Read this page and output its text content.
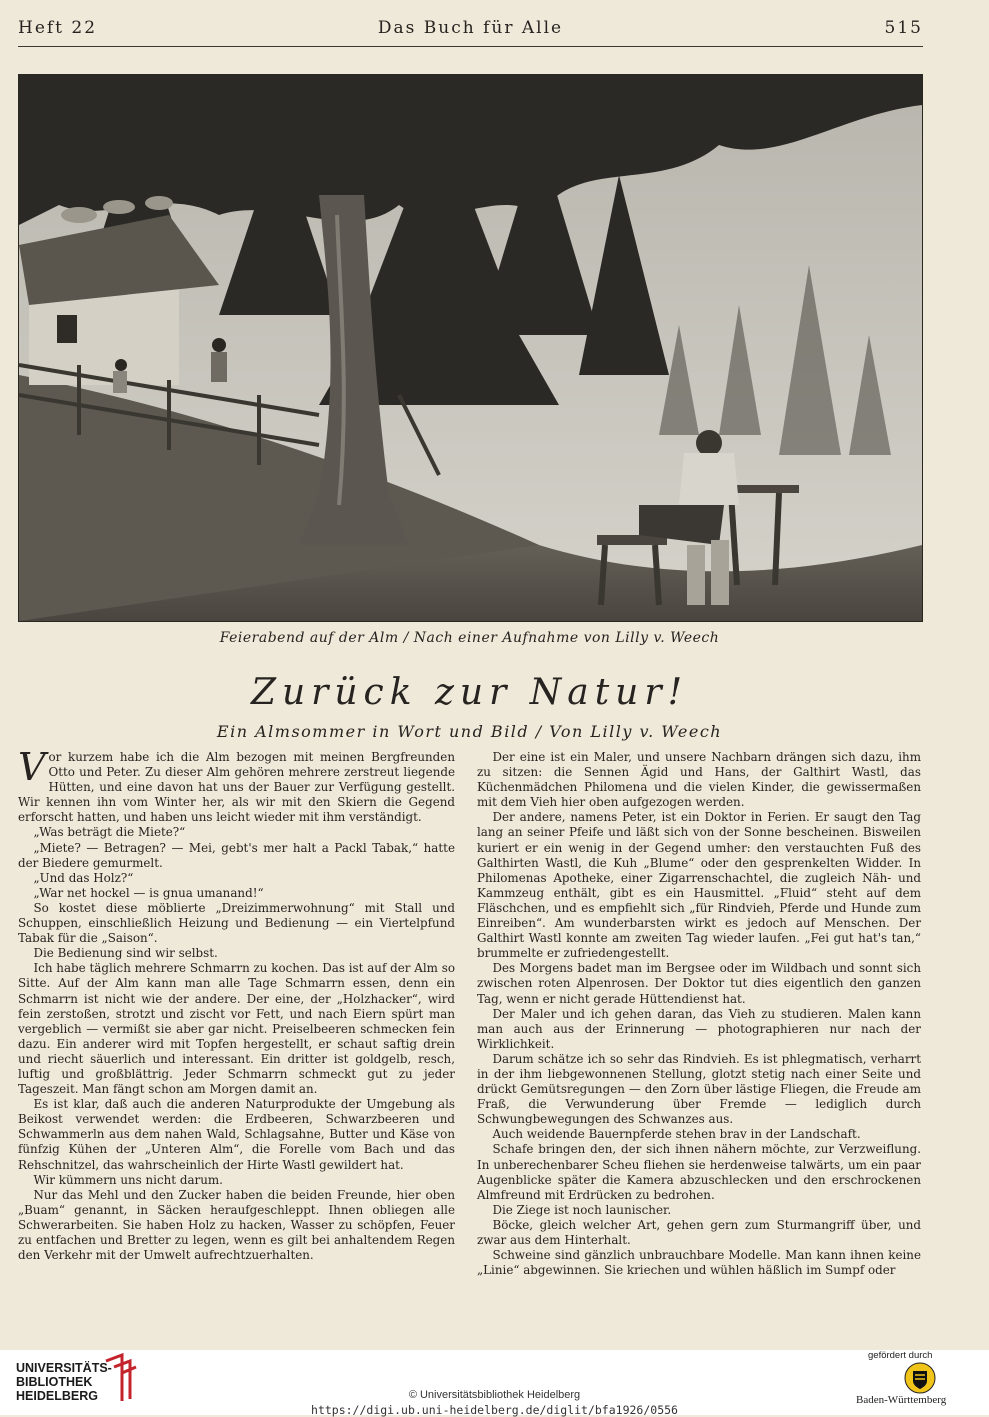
Heft 22	Das Buch für Alle	515
Feierabend auf der Alm / Nach einer Aufnahme von Lilly v. Weech
Zurück zur Natur!
Ein Almsommer in Wort und Bild / Von Lilly v. Weech

Vor kurzem habe ich die Alm bezogen mit meinen Bergfreunden Otto und Peter. Zu dieser Alm gehören mehrere zerstreut liegende Hütten, und eine davon hat uns der Bauer zur Verfügung gestellt. Wir kennen ihn vom Winter her, als wir mit den Skiern die Gegend erforscht hatten, und haben uns leicht wieder mit ihm verständigt.

„Was beträgt die Miete?“

„Miete? — Betragen? — Mei, gebt's mer halt a Packl Tabak,“ hatte der Biedere gemurmelt.

„Und das Holz?“

„War net hockel — is gnua umanand!“

So kostet diese möblierte „Dreizimmerwohnung“ mit Stall und Schuppen, einschließlich Heizung und Bedienung — ein Viertelpfund Tabak für die „Saison“.

Die Bedienung sind wir selbst.

Ich habe täglich mehrere Schmarrn zu kochen. Das ist auf der Alm so Sitte. Auf der Alm kann man alle Tage Schmarrn essen, denn ein Schmarrn ist nicht wie der andere. Der eine, der „Holzhacker“, wird fein zerstoßen, strotzt und zischt vor Fett, und nach Eiern spürt man vergeblich — vermißt sie aber gar nicht. Preiselbeeren schmecken fein dazu. Ein anderer wird mit Topfen hergestellt, er schaut saftig drein und riecht säuerlich und interessant. Ein dritter ist goldgelb, resch, luftig und großblättrig. Jeder Schmarrn schmeckt gut zu jeder Tageszeit. Man fängt schon am Morgen damit an.

Es ist klar, daß auch die anderen Naturprodukte der Umgebung als Beikost verwendet werden: die Erdbeeren, Schwarzbeeren und Schwammerln aus dem nahen Wald, Schlagsahne, Butter und Käse von fünfzig Kühen der „Unteren Alm“, die Forelle vom Bach und das Rehschnitzel, das wahrscheinlich der Hirte Wastl gewildert hat.

Wir kümmern uns nicht darum.

Nur das Mehl und den Zucker haben die beiden Freunde, hier oben „Buam“ genannt, in Säcken heraufgeschleppt. Ihnen obliegen alle Schwerarbeiten. Sie haben Holz zu hacken, Wasser zu schöpfen, Feuer zu entfachen und Bretter zu legen, wenn es gilt bei anhaltendem Regen den Verkehr mit der Umwelt aufrechtzuerhalten.

Der eine ist ein Maler, und unsere Nachbarn drängen sich dazu, ihm zu sitzen: die Sennen Ägid und Hans, der Galthirt Wastl, das Küchenmädchen Philomena und die vielen Kinder, die gewissermaßen mit dem Vieh hier oben aufgezogen werden.

Der andere, namens Peter, ist ein Doktor in Ferien. Er saugt den Tag lang an seiner Pfeife und läßt sich von der Sonne bescheinen. Bisweilen kuriert er ein wenig in der Gegend umher: den verstauchten Fuß des Galthirten Wastl, die Kuh „Blume“ oder den gesprenkelten Widder. In Philomenas Apotheke, einer Zigarrenschachtel, die zugleich Näh- und Kammzeug enthält, gibt es ein Hausmittel. „Fluid“ steht auf dem Fläschchen, und es empfiehlt sich „für Rindvieh, Pferde und Hunde zum Einreiben“. Am wunderbarsten wirkt es jedoch auf Menschen. Der Galthirt Wastl konnte am zweiten Tag wieder laufen. „Fei gut hat's tan,“ brummelte er zufriedengestellt.

Des Morgens badet man im Bergsee oder im Wildbach und sonnt sich zwischen roten Alpenrosen. Der Doktor tut dies eigentlich den ganzen Tag, wenn er nicht gerade Hüttendienst hat.

Der Maler und ich gehen daran, das Vieh zu studieren. Malen kann man auch aus der Erinnerung — photographieren nur nach der Wirklichkeit.

Darum schätze ich so sehr das Rindvieh. Es ist phlegmatisch, verharrt in der ihm liebgewonnenen Stellung, glotzt stetig nach einer Seite und drückt Gemütsregungen — den Zorn über lästige Fliegen, die Freude am Fraß, die Verwunderung über Fremde — lediglich durch Schwungbewegungen des Schwanzes aus.

Auch weidende Bauernpferde stehen brav in der Landschaft.

Schafe bringen den, der sich ihnen nähern möchte, zur Verzweiflung. In unberechenbarer Scheu fliehen sie herdenweise talwärts, um ein paar Augenblicke später die Kamera abzuschlecken und den erschrockenen Almfreund mit Erdrücken zu bedrohen.

Die Ziege ist noch launischer.

Böcke, gleich welcher Art, gehen gern zum Sturmangriff über, und zwar aus dem Hinterhalt.

Schweine sind gänzlich unbrauchbare Modelle. Man kann ihnen keine „Linie“ abgewinnen. Sie kriechen und wühlen häßlich im Sumpf oder

UNIVERSITÄTS-
BIBLIOTHEK
HEIDELBERG	© Universitätsbibliothek Heidelberg
https://digi.ub.uni-heidelberg.de/diglit/bfa1926/0556
gefördert durch
Baden-Württemberg
